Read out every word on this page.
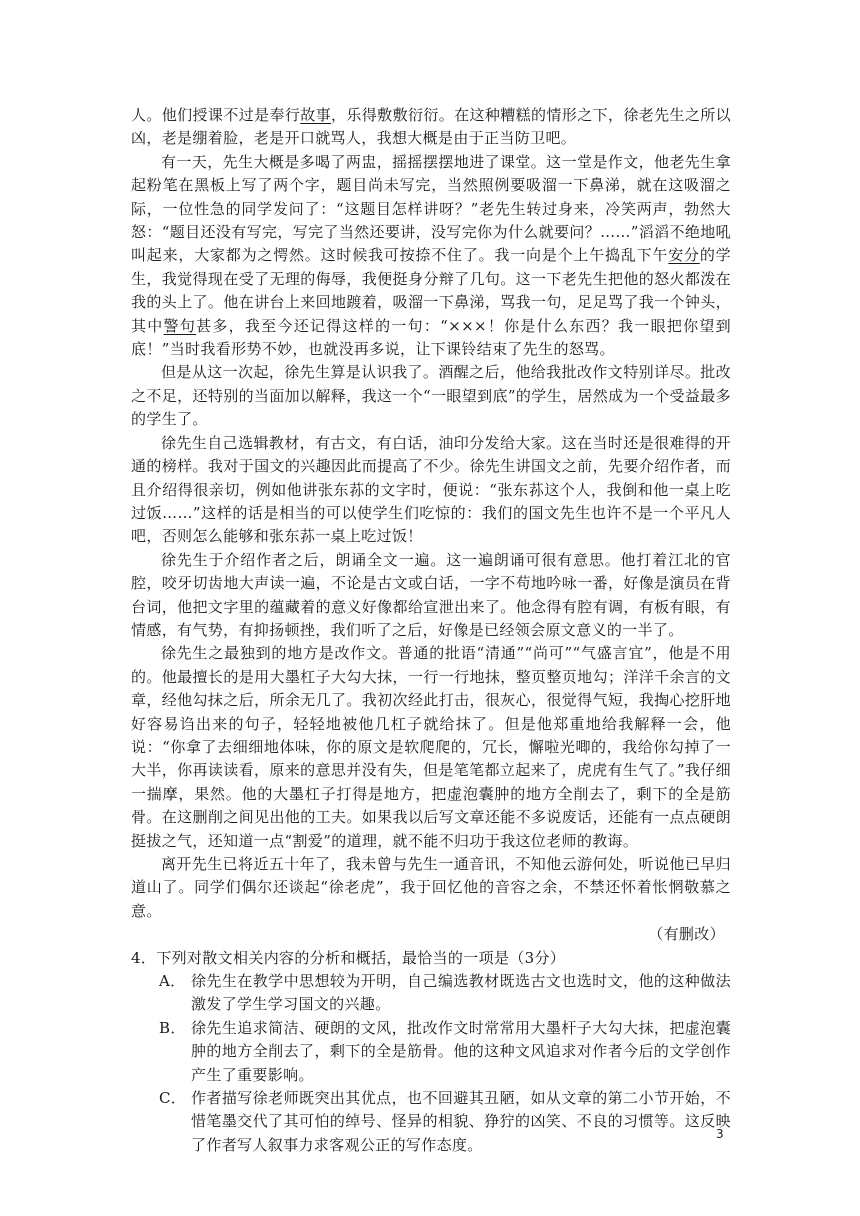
人。他们授课不过是奉行故事，乐得敷敷衍衍。在这种糟糕的情形之下，徐老先生之所以凶，老是绷着脸，老是开口就骂人，我想大概是由于正当防卫吧。

有一天，先生大概是多喝了两盅，摇摇摆摆地进了课堂。这一堂是作文，他老先生拿起粉笔在黑板上写了两个字，题目尚未写完，当然照例要吸溜一下鼻涕，就在这吸溜之际，一位性急的同学发问了：“这题目怎样讲呀？”老先生转过身来，冷笑两声，勃然大怒：“题目还没有写完，写完了当然还要讲，没写完你为什么就要问？……”滔滔不绝地吼叫起来，大家都为之愕然。这时候我可按捺不住了。我一向是个上午捣乱下午安分的学生，我觉得现在受了无理的侮辱，我便挺身分辩了几句。这一下老先生把他的怒火都泼在我的头上了。他在讲台上来回地踱着，吸溜一下鼻涕，骂我一句，足足骂了我一个钟头，其中警句甚多，我至今还记得这样的一句：“×××！你是什么东西？我一眼把你望到底！”当时我看形势不妙，也就没再多说，让下课铃结束了先生的怒骂。

但是从这一次起，徐先生算是认识我了。酒醒之后，他给我批改作文特别详尽。批改之不足，还特别的当面加以解释，我这一个“一眼望到底”的学生，居然成为一个受益最多的学生了。

徐先生自己选辑教材，有古文，有白话，油印分发给大家。这在当时还是很难得的开通的榜样。我对于国文的兴趣因此而提高了不少。徐先生讲国文之前，先要介绍作者，而且介绍得很亲切，例如他讲张东荪的文字时，便说：“张东荪这个人，我倒和他一桌上吃过饭……”这样的话是相当的可以使学生们吃惊的：我们的国文先生也许不是一个平凡人吧，否则怎么能够和张东荪一桌上吃过饭！

徐先生于介绍作者之后，朗诵全文一遍。这一遍朗诵可很有意思。他打着江北的官腔，咬牙切齿地大声读一遍，不论是古文或白话，一字不苟地吟咏一番，好像是演员在背台词，他把文字里的蕴藏着的意义好像都给宣泄出来了。他念得有腔有调，有板有眼，有情感，有气势，有抑扬顿挫，我们听了之后，好像是已经领会原文意义的一半了。

徐先生之最独到的地方是改作文。普通的批语“清通”“尚可”“气盛言宜”，他是不用的。他最擅长的是用大墨杠子大勾大抹，一行一行地抹，整页整页地勾；洋洋千余言的文章，经他勾抹之后，所余无几了。我初次经此打击，很灰心，很觉得气短，我掏心挖肝地好容易诌出来的句子，轻轻地被他几杠子就给抹了。但是他郑重地给我解释一会，他说：“你拿了去细细地体味，你的原文是软爬爬的，冗长，懈啦光唧的，我给你勾掉了一大半，你再读读看，原来的意思并没有失，但是笔笔都立起来了，虎虎有生气了。”我仔细一揣摩，果然。他的大墨杠子打得是地方，把虚泡囊肿的地方全削去了，剩下的全是筋骨。在这删削之间见出他的工夫。如果我以后写文章还能不多说废话，还能有一点点硬朗挺拔之气，还知道一点“割爱”的道理，就不能不归功于我这位老师的教诲。

离开先生已将近五十年了，我未曾与先生一通音讯，不知他云游何处，听说他已早归道山了。同学们偶尔还谈起“徐老虎”，我于回忆他的音容之余，不禁还怀着怅惘敬慕之意。

（有删改）

4．下列对散文相关内容的分析和概括，最恰当的一项是（3分）

A． 徐先生在教学中思想较为开明，自己编选教材既选古文也选时文，他的这种做法激发了学生学习国文的兴趣。
B． 徐先生追求简洁、硬朗的文风，批改作文时常常用大墨杆子大勾大抹，把虚泡囊肿的地方全削去了，剩下的全是筋骨。他的这种文风追求对作者今后的文学创作产生了重要影响。
C． 作者描写徐老师既突出其优点，也不回避其丑陋，如从文章的第二小节开始，不惜笔墨交代了其可怕的绰号、怪异的相貌、狰狞的凶笑、不良的习惯等。这反映了作者写人叙事力求客观公正的写作态度。
3
